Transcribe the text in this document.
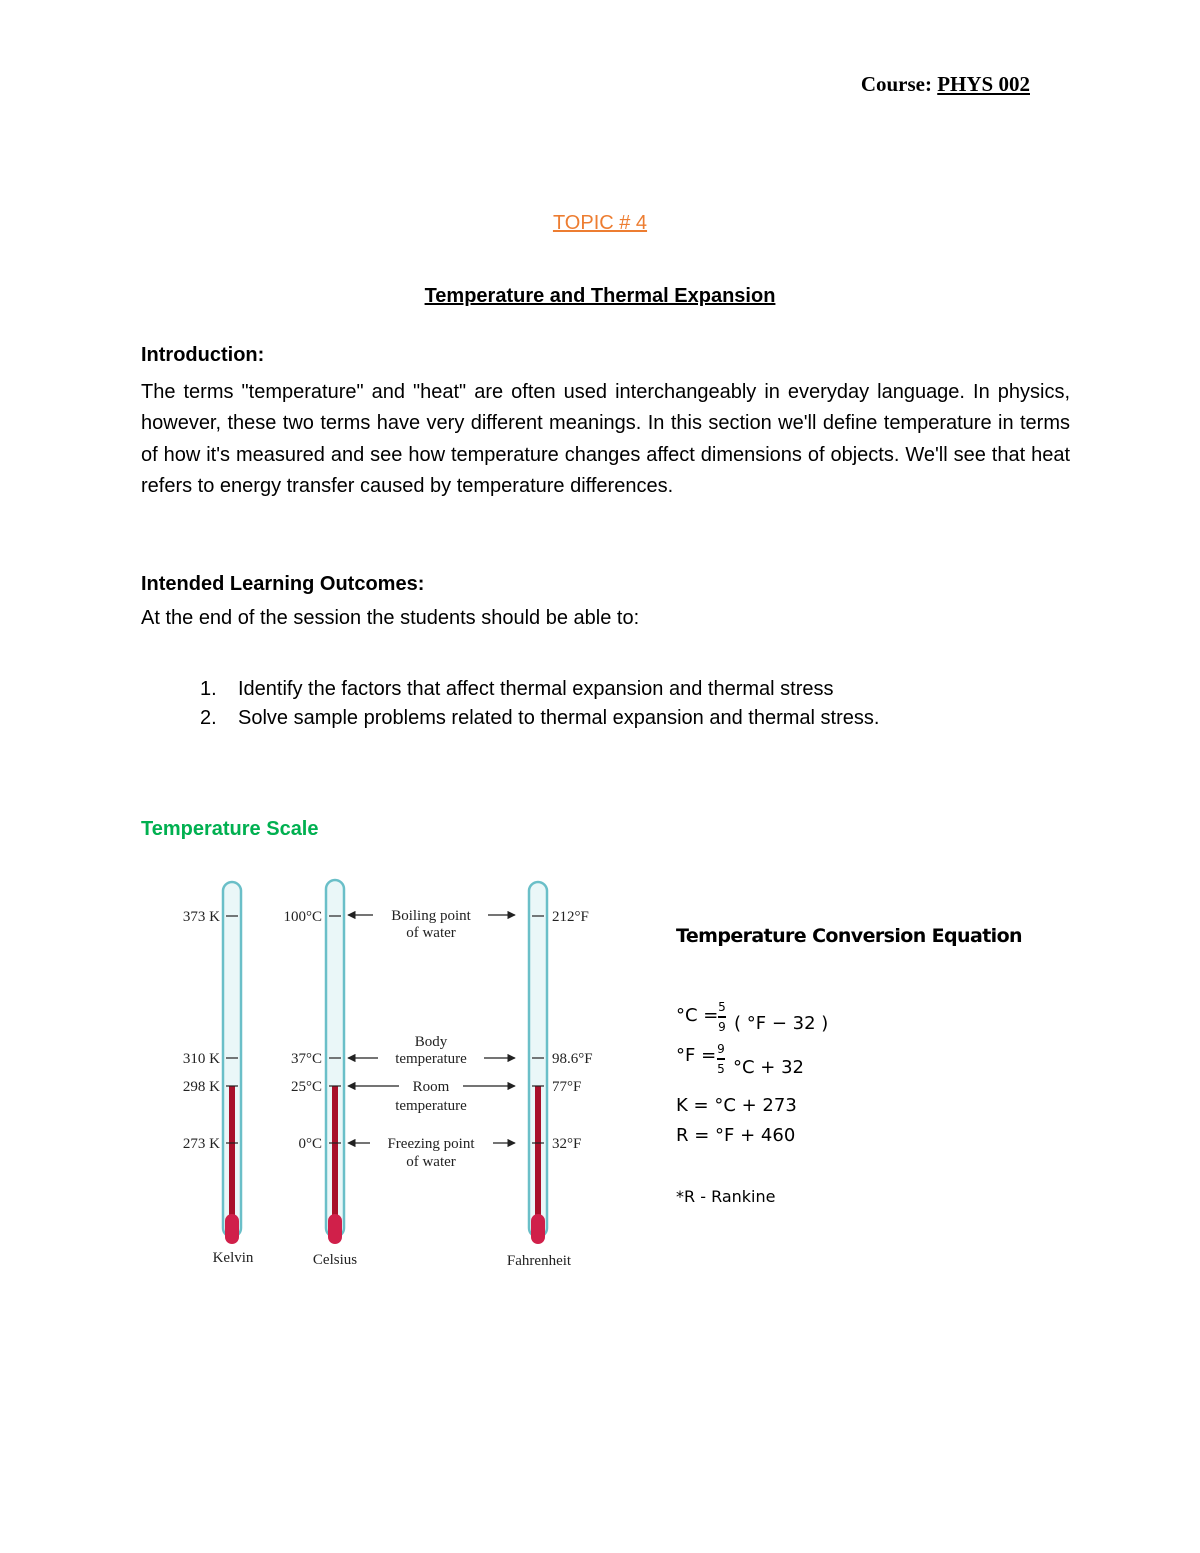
Course: PHYS 002
TOPIC # 4
Temperature and Thermal Expansion
Introduction:

The terms "temperature" and "heat" are often used interchangeably in everyday language. In physics, however, these two terms have very different meanings. In this section we'll define temperature in terms of how it's measured and see how temperature changes affect dimensions of objects. We'll see that heat refers to energy transfer caused by temperature differences.

Intended Learning Outcomes:
At the end of the session the students should be able to:
1. Identify the factors that affect thermal expansion and thermal stress
2. Solve sample problems related to thermal expansion and thermal stress.
Temperature Scale
373 K
310 K
298 K
273 K
Kelvin
100°C
37°C
25°C
0°C
Celsius
212°F
98.6°F
77°F
32°F
Fahrenheit
Boiling point
of water
Body
temperature
Room
temperature
Freezing point
of water
Temperature Conversion Equation
°C = 5
9 ( °F − 32 )
°F = 9
5 °C + 32
K = °C + 273
R = °F + 460
*R - Rankine
